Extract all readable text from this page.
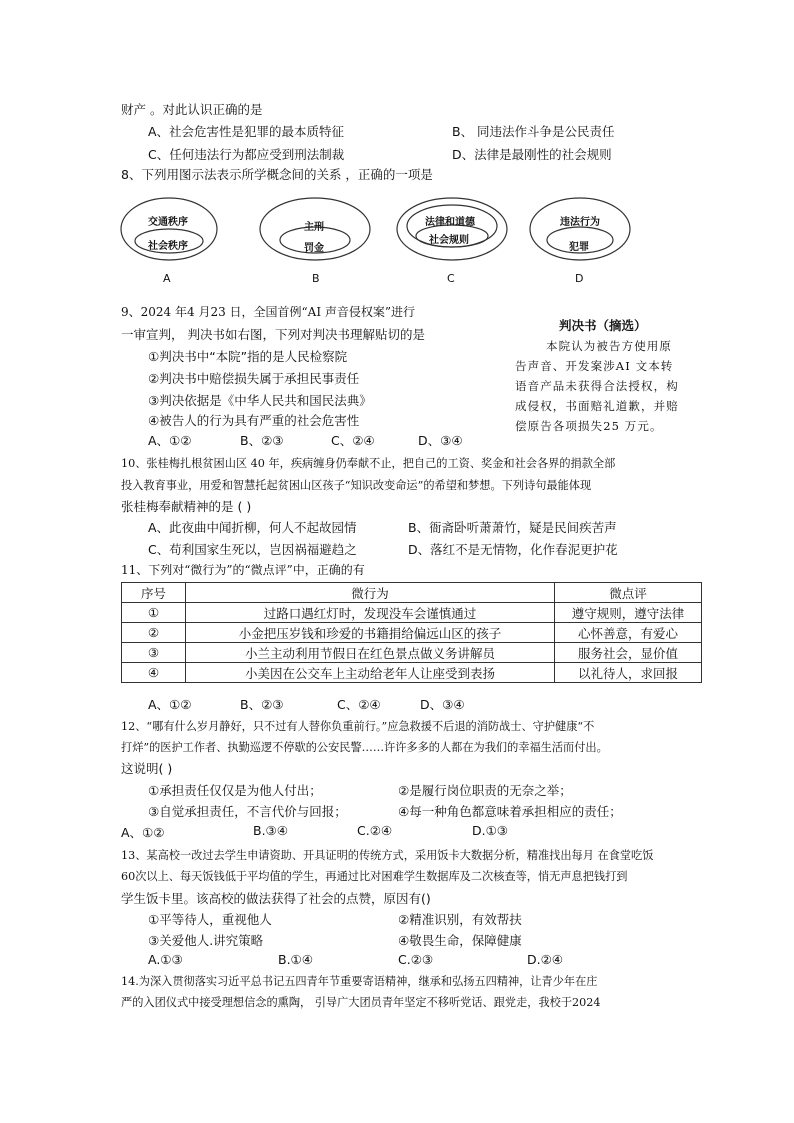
财产 。对此认识正确的是
A、社会危害性是犯罪的最本质特征	B、 同违法作斗争是公民责任
C、任何违法行为都应受到刑法制裁	D、法律是最刚性的社会规则
8、下列用图示法表示所学概念间的关系 ，正确的一项是
交通秩序
社会秩序
A
主刑
罚金
B
法律和道德
社会规则
C
违法行为
犯罪
D
9、2024 年4 月23 日，全国首例“AI 声音侵权案”进行
一审宣判， 判决书如右图，下列对判决书理解贴切的是
①判决书中“本院”指的是人民检察院
②判决书中赔偿损失属于承担民事责任
③判决依据是《中华人民共和国民法典》
④被告人的行为具有严重的社会危害性
A、①②	B、②③	C、②④	D、③④
判决书（摘选）
本院认为被告方使用原
告声音、开发案涉AI 文本转
语音产品未获得合法授权，构
成侵权，书面赔礼道歉，并赔
偿原告各项损失25 万元。
10、张桂梅扎根贫困山区 40 年，疾病缠身仍奉献不止，把自己的工资、奖金和社会各界的捐款全部
投入教育事业，用爱和智慧托起贫困山区孩子“知识改变命运”的希望和梦想。下列诗句最能体现
张桂梅奉献精神的是 ( )
A、此夜曲中闻折柳，何人不起故园情	B、衙斋卧听萧萧竹，疑是民间疾苦声
C、苟利国家生死以，岂因祸福避趋之	D、落红不是无情物，化作春泥更护花
11、下列对“微行为”的“微点评”中，正确的有
序号	微行为	微点评
①	过路口遇红灯时，发现没车会谨慎通过	遵守规则，遵守法律
②	小金把压岁钱和珍爱的书籍捐给偏远山区的孩子	心怀善意，有爱心
③	小兰主动利用节假日在红色景点做义务讲解员	服务社会，显价值
④	小美因在公交车上主动给老年人让座受到表扬	以礼待人，求回报
A、①②	B、②③	C、②④	D、③④
12、“哪有什么岁月静好，只不过有人替你负重前行。”应急救援不后退的消防战士、守护健康“不
打烊”的医护工作者、执勤巡逻不停歇的公安民警……许许多多的人都在为我们的幸福生活而付出。
这说明( )
①承担责任仅仅是为他人付出；	②是履行岗位职责的无奈之举；
③自觉承担责任，不言代价与回报；	④每一种角色都意味着承担相应的责任；
A、①②	B.③④	C.②④	D.①③
13、某高校一改过去学生申请资助、开具证明的传统方式，采用饭卡大数据分析，精准找出每月 在食堂吃饭
60次以上、每天饭钱低于平均值的学生，再通过比对困难学生数据库及二次核查等，悄无声息把钱打到
学生饭卡里。该高校的做法获得了社会的点赞，原因有()
①平等待人，重视他人	②精准识别，有效帮扶
③关爱他人.讲究策略	④敬畏生命，保障健康
A.①③	B.①④	C.②③	D.②④
14.为深入贯彻落实习近平总书记五四青年节重要寄语精神，继承和弘扬五四精神，让青少年在庄
严的入团仪式中接受理想信念的熏陶， 引导广大团员青年坚定不移听党话、跟党走，我校于2024
